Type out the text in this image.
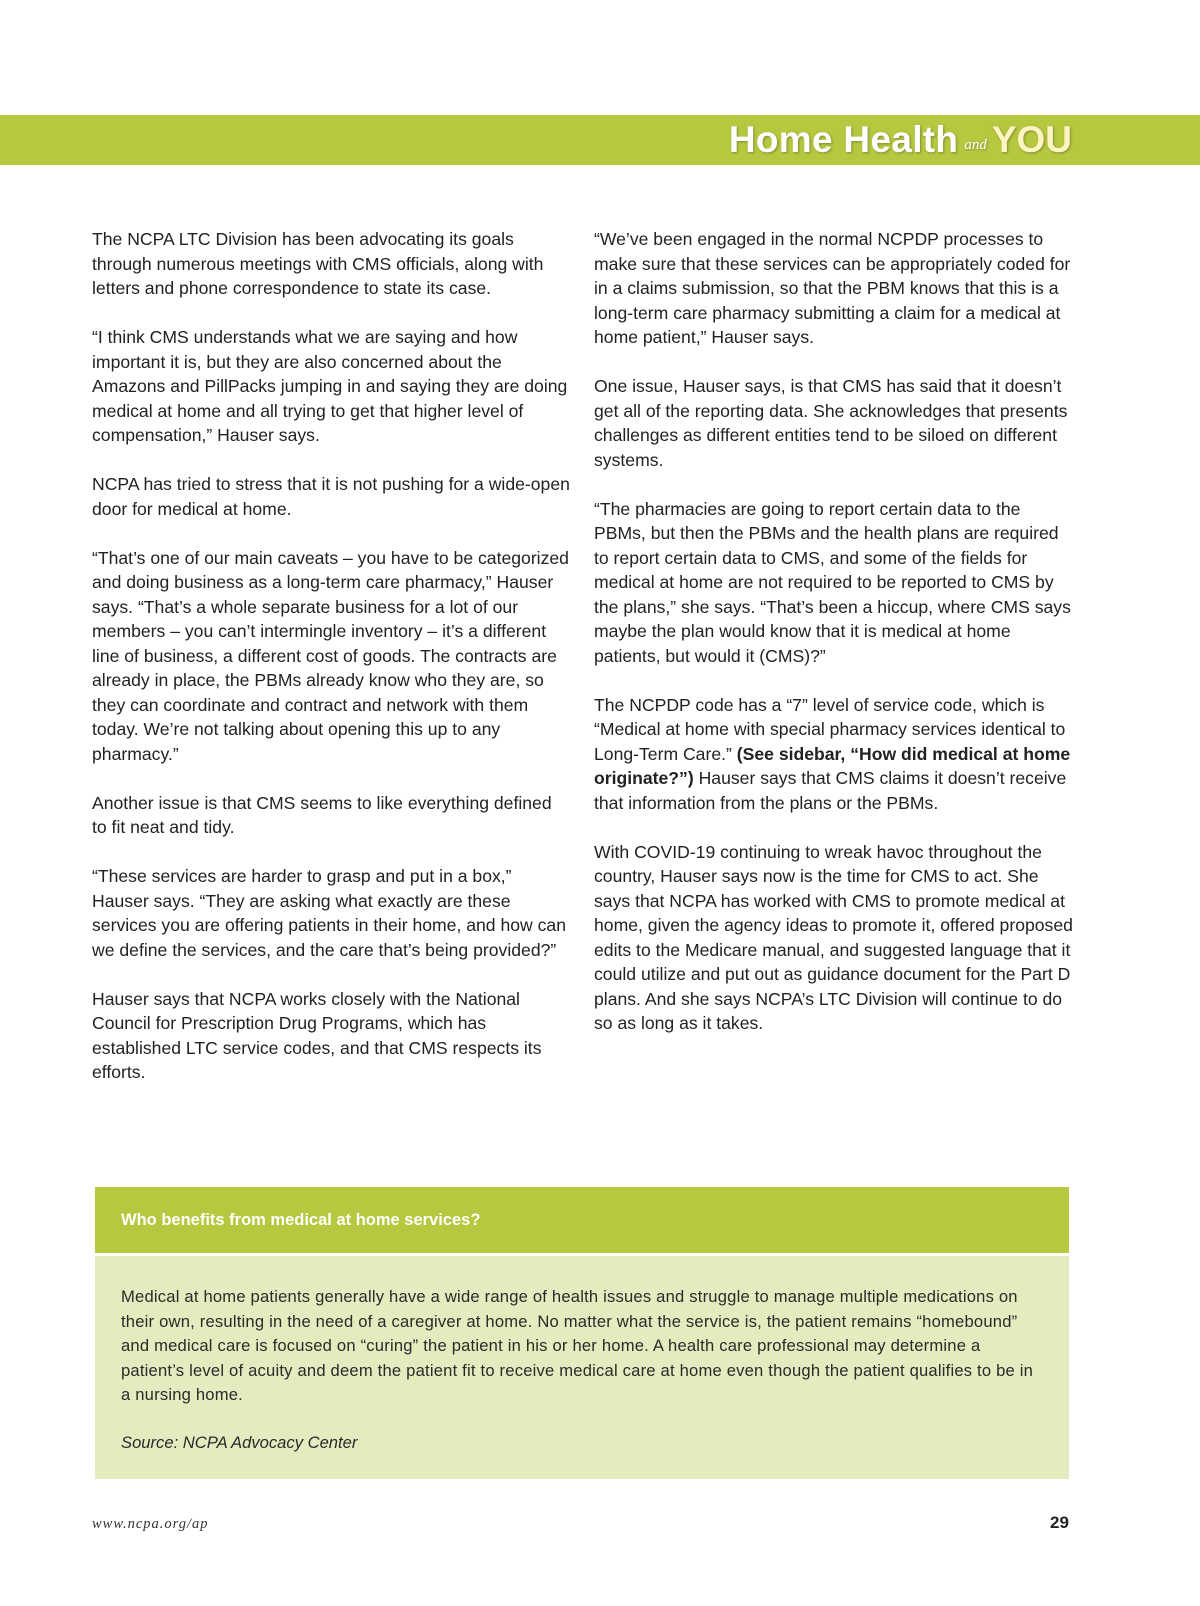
Home Health and YOU

The NCPA LTC Division has been advocating its goals through numerous meetings with CMS officials, along with letters and phone correspondence to state its case.

“I think CMS understands what we are saying and how important it is, but they are also concerned about the Amazons and PillPacks jumping in and saying they are doing medical at home and all trying to get that higher level of compensation,” Hauser says.

NCPA has tried to stress that it is not pushing for a wide-open door for medical at home.

“That’s one of our main caveats – you have to be categorized and doing business as a long-term care pharmacy,” Hauser says. “That’s a whole separate business for a lot of our members – you can’t intermingle inventory – it’s a different line of business, a different cost of goods. The contracts are already in place, the PBMs already know who they are, so they can coordinate and contract and network with them today. We’re not talking about opening this up to any pharmacy.”

Another issue is that CMS seems to like everything defined to fit neat and tidy.

“These services are harder to grasp and put in a box,” Hauser says. “They are asking what exactly are these services you are offering patients in their home, and how can we define the services, and the care that’s being provided?”

Hauser says that NCPA works closely with the National Council for Prescription Drug Programs, which has established LTC service codes, and that CMS respects its efforts.

“We’ve been engaged in the normal NCPDP processes to make sure that these services can be appropriately coded for in a claims submission, so that the PBM knows that this is a long-term care pharmacy submitting a claim for a medical at home patient,” Hauser says.

One issue, Hauser says, is that CMS has said that it doesn’t get all of the reporting data. She acknowledges that presents challenges as different entities tend to be siloed on different systems.

“The pharmacies are going to report certain data to the PBMs, but then the PBMs and the health plans are required to report certain data to CMS, and some of the fields for medical at home are not required to be reported to CMS by the plans,” she says. “That’s been a hiccup, where CMS says maybe the plan would know that it is medical at home patients, but would it (CMS)?”

The NCPDP code has a “7” level of service code, which is “Medical at home with special pharmacy services identical to Long-Term Care.” (See sidebar, “How did medical at home originate?”) Hauser says that CMS claims it doesn’t receive that information from the plans or the PBMs.

With COVID-19 continuing to wreak havoc throughout the country, Hauser says now is the time for CMS to act. She says that NCPA has worked with CMS to promote medical at home, given the agency ideas to promote it, offered proposed edits to the Medicare manual, and suggested language that it could utilize and put out as guidance document for the Part D plans. And she says NCPA’s LTC Division will continue to do so as long as it takes.

Who benefits from medical at home services?
Medical at home patients generally have a wide range of health issues and struggle to manage multiple medications on their own, resulting in the need of a caregiver at home. No matter what the service is, the patient remains “homebound” and medical care is focused on “curing” the patient in his or her home. A health care professional may determine a patient’s level of acuity and deem the patient fit to receive medical care at home even though the patient qualifies to be in a nursing home.
Source: NCPA Advocacy Center
www.ncpa.org/ap	29
